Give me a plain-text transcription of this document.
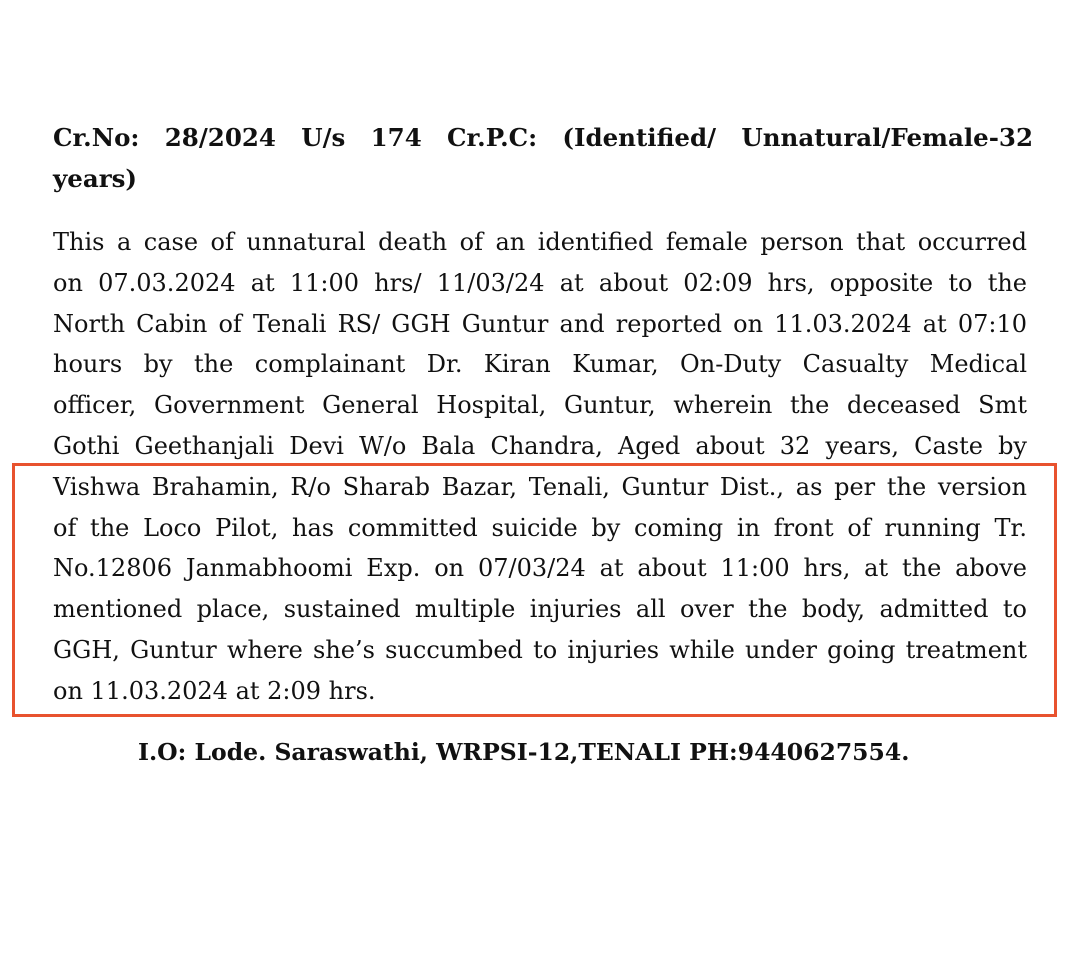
Cr.No: 28/2024 U/s 174 Cr.P.C: (Identified/ Unnatural/Female-32
years)
This a case of unnatural death of an identified female person that occurred
on 07.03.2024 at 11:00 hrs/ 11/03/24 at about 02:09 hrs, opposite to the
North Cabin of Tenali RS/ GGH Guntur and reported on 11.03.2024 at 07:10
hours by the complainant Dr. Kiran Kumar, On-Duty Casualty Medical
officer, Government General Hospital, Guntur, wherein the deceased Smt
Gothi Geethanjali Devi W/o Bala Chandra, Aged about 32 years, Caste by
Vishwa Brahamin, R/o Sharab Bazar, Tenali, Guntur Dist., as per the version
of the Loco Pilot, has committed suicide by coming in front of running Tr.
No.12806 Janmabhoomi Exp. on 07/03/24 at about 11:00 hrs, at the above
mentioned place, sustained multiple injuries all over the body, admitted to
GGH, Guntur where she’s succumbed to injuries while under going treatment
on 11.03.2024 at 2:09 hrs.

I.O: Lode. Saraswathi, WRPSI-12,TENALI PH:9440627554.
